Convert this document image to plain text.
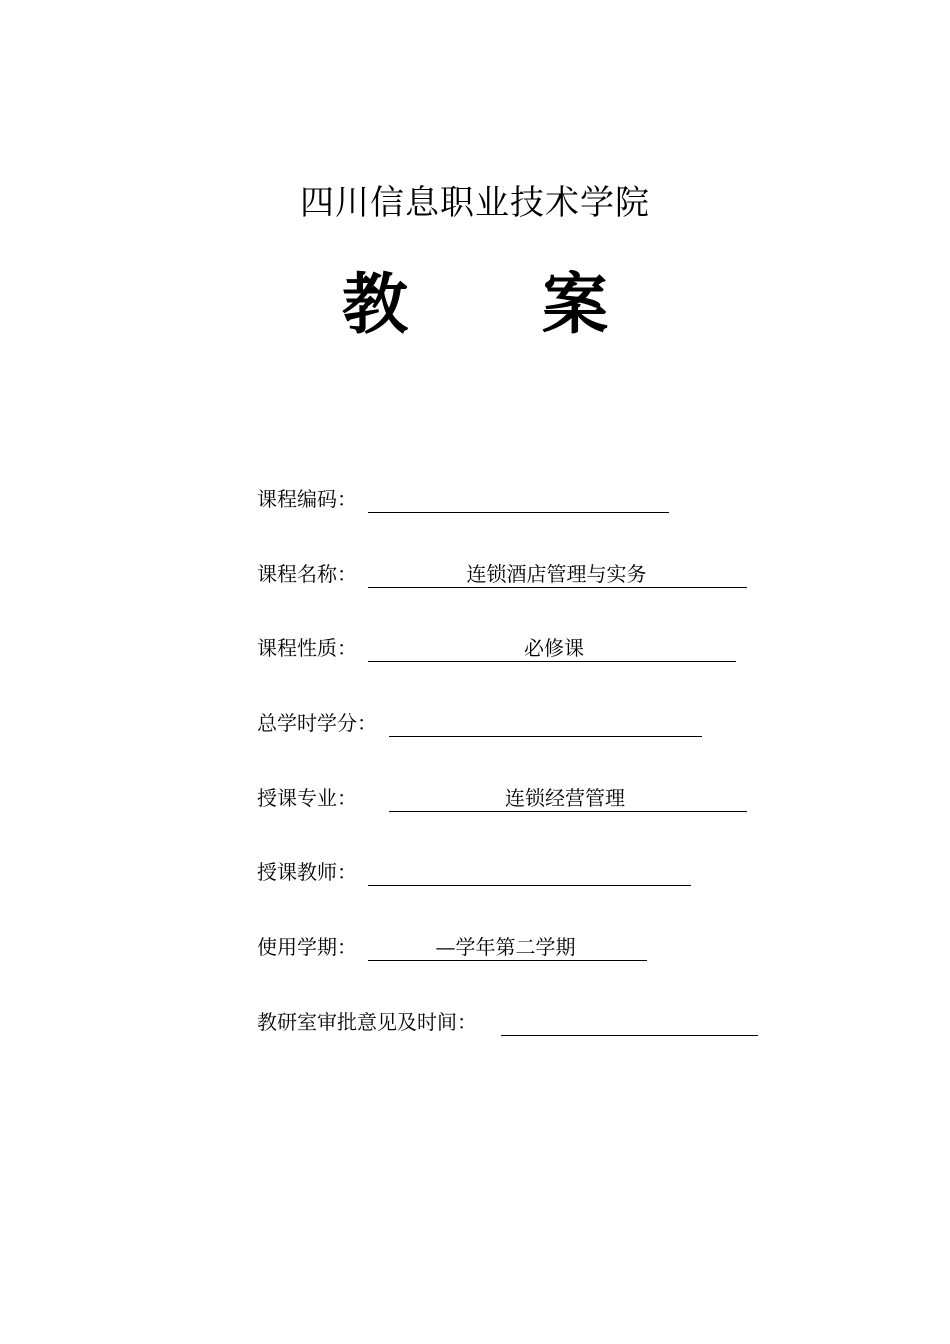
四川信息职业技术学院
教 案
课程编码：
课程名称：	连锁酒店管理与实务
课程性质：	必修课
总学时学分：
授课专业：	连锁经营管理
授课教师：
使用学期：	—学年第二学期
教研室审批意见及时间：
